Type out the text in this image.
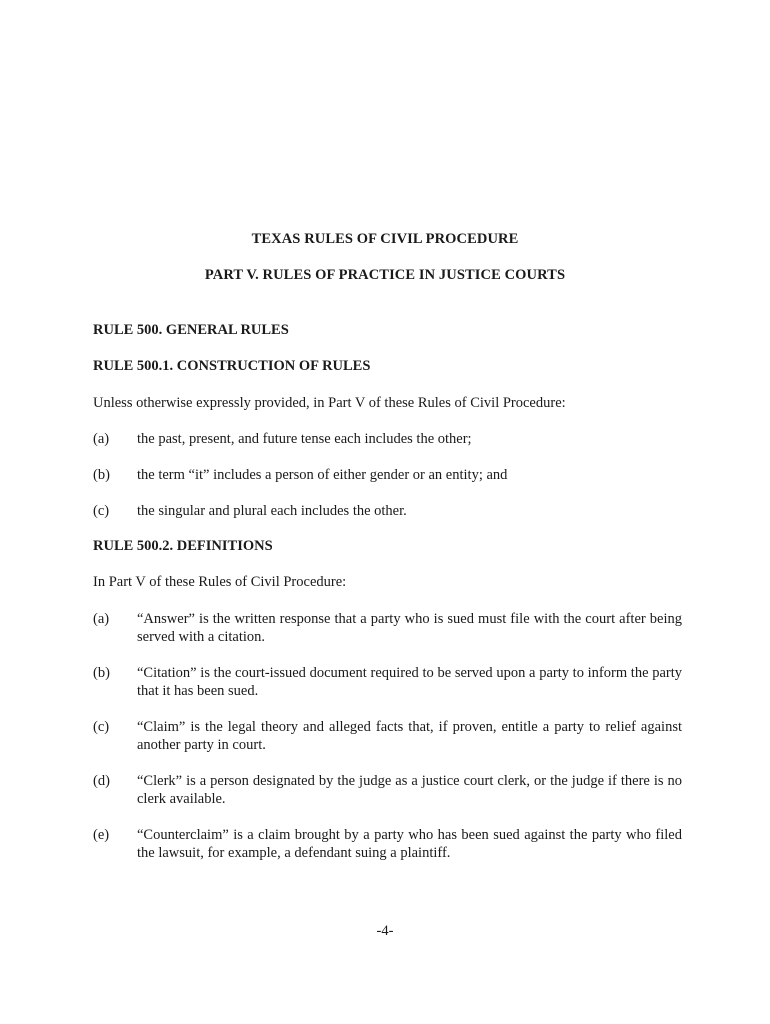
TEXAS RULES OF CIVIL PROCEDURE
PART V. RULES OF PRACTICE IN JUSTICE COURTS
RULE 500. GENERAL RULES
RULE 500.1. CONSTRUCTION OF RULES
Unless otherwise expressly provided, in Part V of these Rules of Civil Procedure:
(a) the past, present, and future tense each includes the other;
(b) the term “it” includes a person of either gender or an entity; and
(c) the singular and plural each includes the other.
RULE 500.2. DEFINITIONS
In Part V of these Rules of Civil Procedure:
(a) “Answer” is the written response that a party who is sued must file with the court after being served with a citation.
(b) “Citation” is the court-issued document required to be served upon a party to inform the party that it has been sued.
(c) “Claim” is the legal theory and alleged facts that, if proven, entitle a party to relief against another party in court.
(d) “Clerk” is a person designated by the judge as a justice court clerk, or the judge if there is no clerk available.
(e) “Counterclaim” is a claim brought by a party who has been sued against the party who filed the lawsuit, for example, a defendant suing a plaintiff.
-4-
